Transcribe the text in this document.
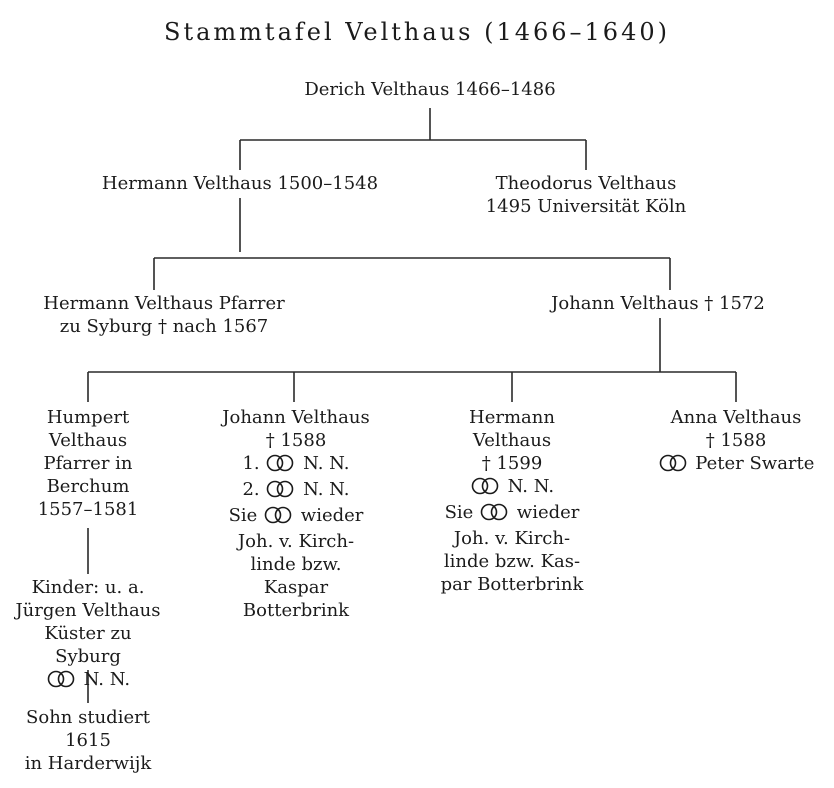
Stammtafel Velthaus (1466–1640)
Derich Velthaus 1466–1486
Hermann Velthaus 1500–1548	Theodorus Velthaus
1495 Universität Köln
Hermann Velthaus Pfarrer
zu Syburg † nach 1567
Johann Velthaus † 1572
Humpert
Velthaus
Pfarrer in
Berchum
1557–1581
Kinder: u. a.
Jürgen Velthaus
Küster zu
Syburg
N. N.
Sohn studiert
1615
in Harderwijk
Johann Velthaus
† 1588
1. N. N.
2. N. N.
Sie wieder
Joh. v. Kirch-
linde bzw.
Kaspar
Botterbrink
Hermann
Velthaus
† 1599
N. N.
Sie wieder
Joh. v. Kirch-
linde bzw. Kas-
par Botterbrink
Anna Velthaus
† 1588
Peter Swarte
